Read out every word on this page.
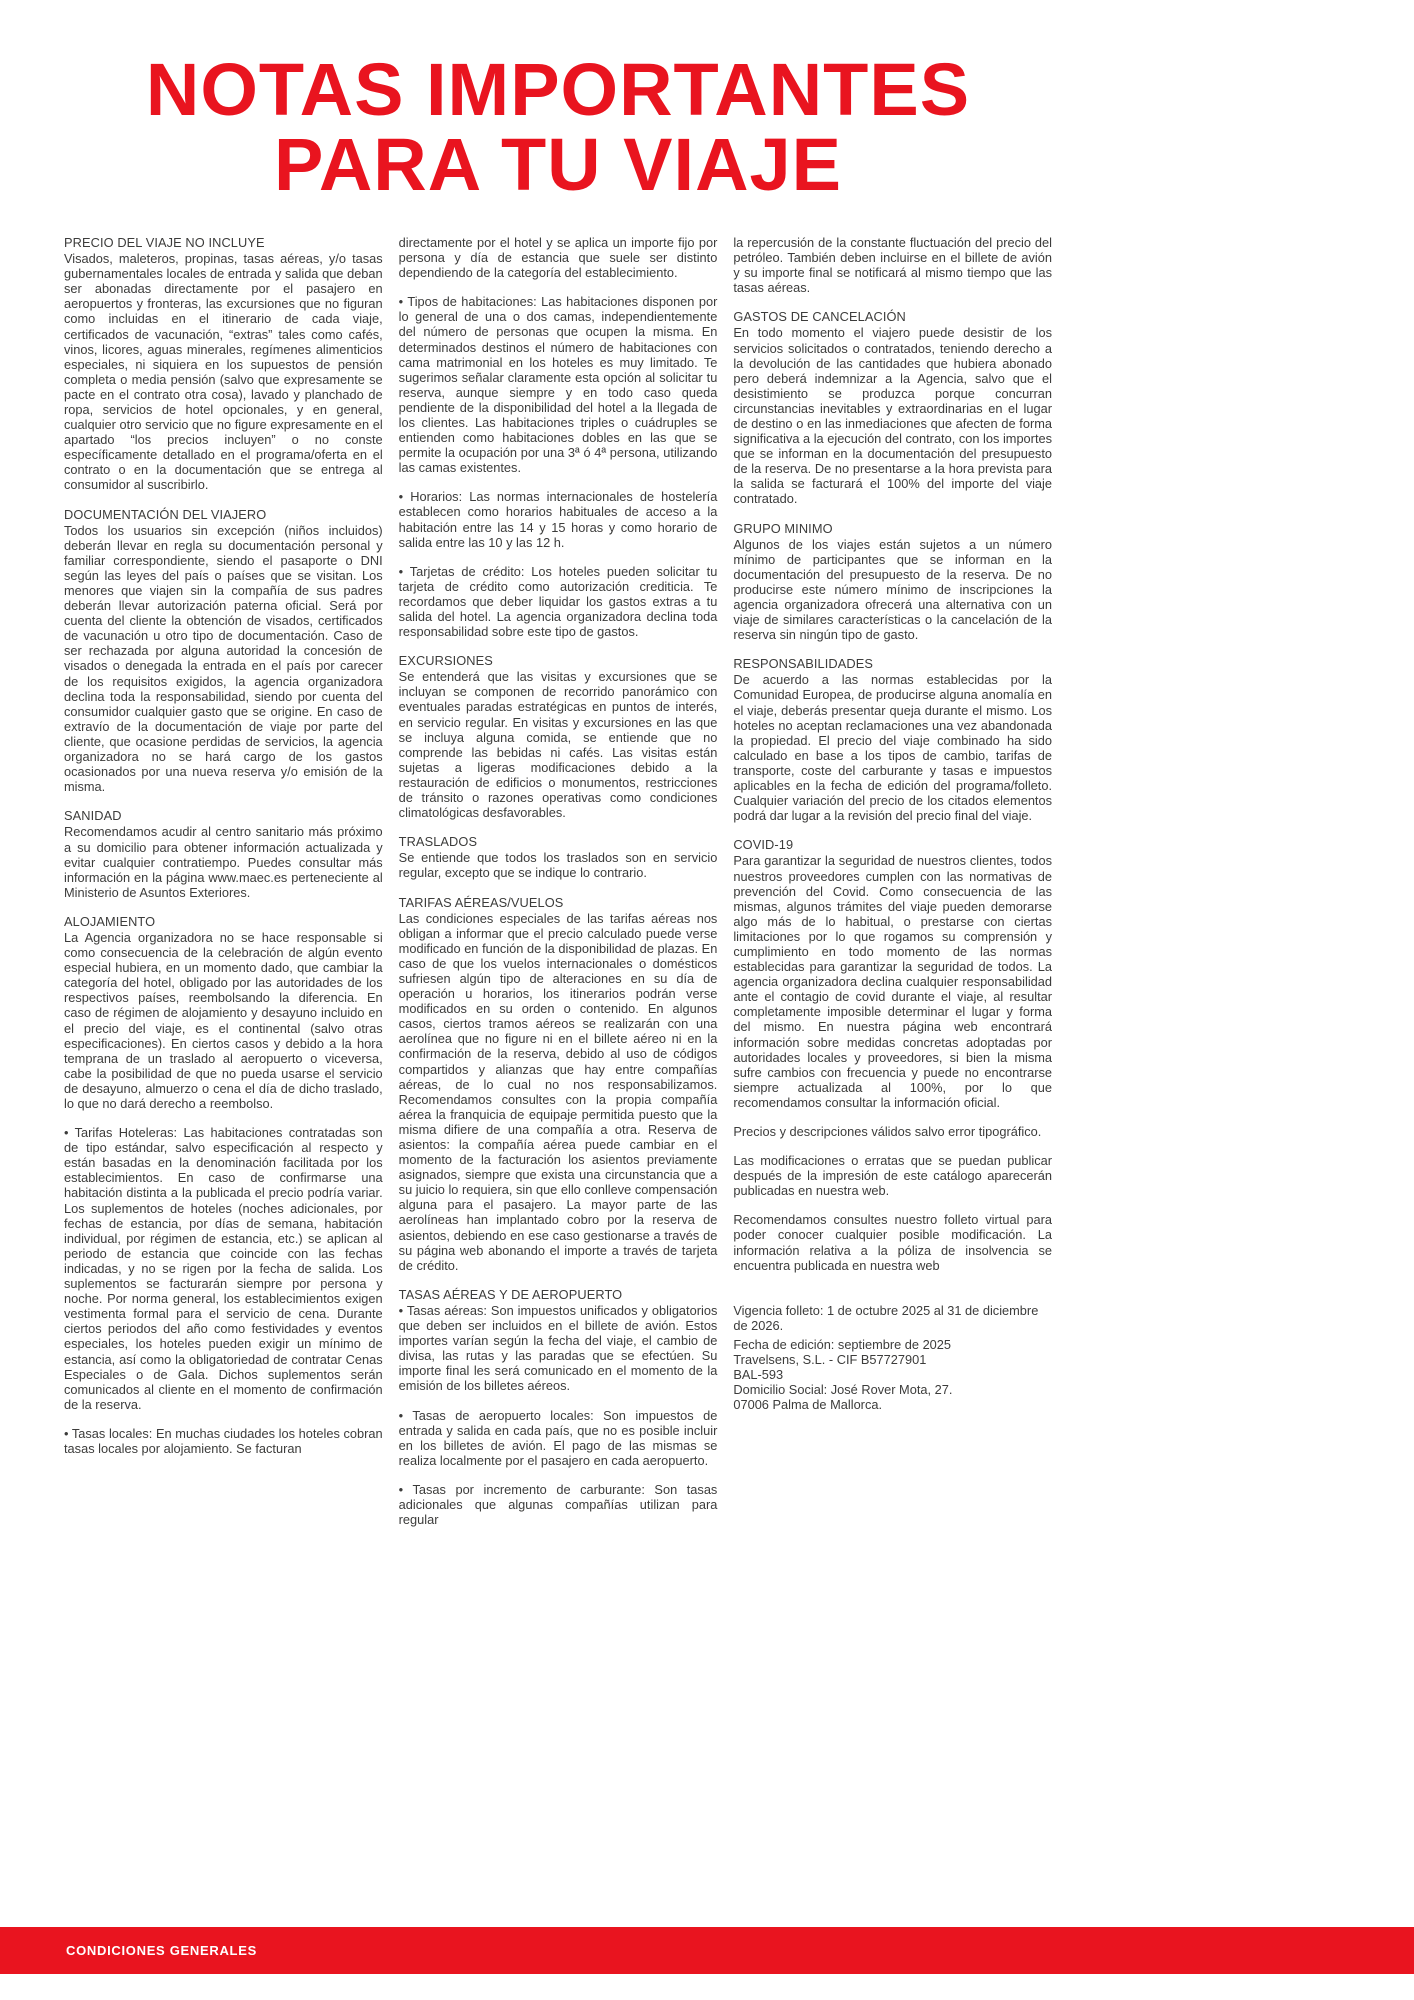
NOTAS IMPORTANTES
PARA TU VIAJE
PRECIO DEL VIAJE NO INCLUYE

Visados, maleteros, propinas, tasas aéreas, y/o tasas gubernamentales locales de entrada y salida que deban ser abonadas directamente por el pasajero en aeropuertos y fronteras, las excursiones que no figuran como incluidas en el itinerario de cada viaje, certificados de vacunación, “extras” tales como cafés, vinos, licores, aguas minerales, regímenes alimenticios especiales, ni siquiera en los supuestos de pensión completa o media pensión (salvo que expresamente se pacte en el contrato otra cosa), lavado y planchado de ropa, servicios de hotel opcionales, y en general, cualquier otro servicio que no figure expresamente en el apartado “los precios incluyen” o no conste específicamente detallado en el programa/oferta en el contrato o en la documentación que se entrega al consumidor al suscribirlo.

DOCUMENTACIÓN DEL VIAJERO

Todos los usuarios sin excepción (niños incluidos) deberán llevar en regla su documentación personal y familiar correspondiente, siendo el pasaporte o DNI según las leyes del país o países que se visitan. Los menores que viajen sin la compañía de sus padres deberán llevar autorización paterna oficial. Será por cuenta del cliente la obtención de visados, certificados de vacunación u otro tipo de documentación. Caso de ser rechazada por alguna autoridad la concesión de visados o denegada la entrada en el país por carecer de los requisitos exigidos, la agencia organizadora declina toda la responsabilidad, siendo por cuenta del consumidor cualquier gasto que se origine. En caso de extravío de la documentación de viaje por parte del cliente, que ocasione perdidas de servicios, la agencia organizadora no se hará cargo de los gastos ocasionados por una nueva reserva y/o emisión de la misma.

SANIDAD

Recomendamos acudir al centro sanitario más próximo a su domicilio para obtener información actualizada y evitar cualquier contratiempo. Puedes consultar más información en la página www.maec.es perteneciente al Ministerio de Asuntos Exteriores.

ALOJAMIENTO

La Agencia organizadora no se hace responsable si como consecuencia de la celebración de algún evento especial hubiera, en un momento dado, que cambiar la categoría del hotel, obligado por las autoridades de los respectivos países, reembolsando la diferencia. En caso de régimen de alojamiento y desayuno incluido en el precio del viaje, es el continental (salvo otras especificaciones). En ciertos casos y debido a la hora temprana de un traslado al aeropuerto o viceversa, cabe la posibilidad de que no pueda usarse el servicio de desayuno, almuerzo o cena el día de dicho traslado, lo que no dará derecho a reembolso.

• Tarifas Hoteleras: Las habitaciones contratadas son de tipo estándar, salvo especificación al respecto y están basadas en la denominación facilitada por los establecimientos. En caso de confirmarse una habitación distinta a la publicada el precio podría variar. Los suplementos de hoteles (noches adicionales, por fechas de estancia, por días de semana, habitación individual, por régimen de estancia, etc.) se aplican al periodo de estancia que coincide con las fechas indicadas, y no se rigen por la fecha de salida. Los suplementos se facturarán siempre por persona y noche. Por norma general, los establecimientos exigen vestimenta formal para el servicio de cena. Durante ciertos periodos del año como festividades y eventos especiales, los hoteles pueden exigir un mínimo de estancia, así como la obligatoriedad de contratar Cenas Especiales o de Gala. Dichos suplementos serán comunicados al cliente en el momento de confirmación de la reserva.

• Tasas locales: En muchas ciudades los hoteles cobran tasas locales por alojamiento. Se facturan

directamente por el hotel y se aplica un importe fijo por persona y día de estancia que suele ser distinto dependiendo de la categoría del establecimiento.

• Tipos de habitaciones: Las habitaciones disponen por lo general de una o dos camas, independientemente del número de personas que ocupen la misma. En determinados destinos el número de habitaciones con cama matrimonial en los hoteles es muy limitado. Te sugerimos señalar claramente esta opción al solicitar tu reserva, aunque siempre y en todo caso queda pendiente de la disponibilidad del hotel a la llegada de los clientes. Las habitaciones triples o cuádruples se entienden como habitaciones dobles en las que se permite la ocupación por una 3ª ó 4ª persona, utilizando las camas existentes.

• Horarios: Las normas internacionales de hostelería establecen como horarios habituales de acceso a la habitación entre las 14 y 15 horas y como horario de salida entre las 10 y las 12 h.

• Tarjetas de crédito: Los hoteles pueden solicitar tu tarjeta de crédito como autorización crediticia. Te recordamos que deber liquidar los gastos extras a tu salida del hotel. La agencia organizadora declina toda responsabilidad sobre este tipo de gastos.

EXCURSIONES

Se entenderá que las visitas y excursiones que se incluyan se componen de recorrido panorámico con eventuales paradas estratégicas en puntos de interés, en servicio regular. En visitas y excursiones en las que se incluya alguna comida, se entiende que no comprende las bebidas ni cafés. Las visitas están sujetas a ligeras modificaciones debido a la restauración de edificios o monumentos, restricciones de tránsito o razones operativas como condiciones climatológicas desfavorables.

TRASLADOS

Se entiende que todos los traslados son en servicio regular, excepto que se indique lo contrario.

TARIFAS AÉREAS/VUELOS

Las condiciones especiales de las tarifas aéreas nos obligan a informar que el precio calculado puede verse modificado en función de la disponibilidad de plazas. En caso de que los vuelos internacionales o domésticos sufriesen algún tipo de alteraciones en su día de operación u horarios, los itinerarios podrán verse modificados en su orden o contenido. En algunos casos, ciertos tramos aéreos se realizarán con una aerolínea que no figure ni en el billete aéreo ni en la confirmación de la reserva, debido al uso de códigos compartidos y alianzas que hay entre compañías aéreas, de lo cual no nos responsabilizamos. Recomendamos consultes con la propia compañía aérea la franquicia de equipaje permitida puesto que la misma difiere de una compañía a otra. Reserva de asientos: la compañía aérea puede cambiar en el momento de la facturación los asientos previamente asignados, siempre que exista una circunstancia que a su juicio lo requiera, sin que ello conlleve compensación alguna para el pasajero. La mayor parte de las aerolíneas han implantado cobro por la reserva de asientos, debiendo en ese caso gestionarse a través de su página web abonando el importe a través de tarjeta de crédito.

TASAS AÉREAS Y DE AEROPUERTO

• Tasas aéreas: Son impuestos unificados y obligatorios que deben ser incluidos en el billete de avión. Estos importes varían según la fecha del viaje, el cambio de divisa, las rutas y las paradas que se efectúen. Su importe final les será comunicado en el momento de la emisión de los billetes aéreos.

• Tasas de aeropuerto locales: Son impuestos de entrada y salida en cada país, que no es posible incluir en los billetes de avión. El pago de las mismas se realiza localmente por el pasajero en cada aeropuerto.

• Tasas por incremento de carburante: Son tasas adicionales que algunas compañías utilizan para regular

la repercusión de la constante fluctuación del precio del petróleo. También deben incluirse en el billete de avión y su importe final se notificará al mismo tiempo que las tasas aéreas.

GASTOS DE CANCELACIÓN

En todo momento el viajero puede desistir de los servicios solicitados o contratados, teniendo derecho a la devolución de las cantidades que hubiera abonado pero deberá indemnizar a la Agencia, salvo que el desistimiento se produzca porque concurran circunstancias inevitables y extraordinarias en el lugar de destino o en las inmediaciones que afecten de forma significativa a la ejecución del contrato, con los importes que se informan en la documentación del presupuesto de la reserva. De no presentarse a la hora prevista para la salida se facturará el 100% del importe del viaje contratado.

GRUPO MINIMO

Algunos de los viajes están sujetos a un número mínimo de participantes que se informan en la documentación del presupuesto de la reserva. De no producirse este número mínimo de inscripciones la agencia organizadora ofrecerá una alternativa con un viaje de similares características o la cancelación de la reserva sin ningún tipo de gasto.

RESPONSABILIDADES

De acuerdo a las normas establecidas por la Comunidad Europea, de producirse alguna anomalía en el viaje, deberás presentar queja durante el mismo. Los hoteles no aceptan reclamaciones una vez abandonada la propiedad. El precio del viaje combinado ha sido calculado en base a los tipos de cambio, tarifas de transporte, coste del carburante y tasas e impuestos aplicables en la fecha de edición del programa/folleto. Cualquier variación del precio de los citados elementos podrá dar lugar a la revisión del precio final del viaje.

COVID-19

Para garantizar la seguridad de nuestros clientes, todos nuestros proveedores cumplen con las normativas de prevención del Covid. Como consecuencia de las mismas, algunos trámites del viaje pueden demorarse algo más de lo habitual, o prestarse con ciertas limitaciones por lo que rogamos su comprensión y cumplimiento en todo momento de las normas establecidas para garantizar la seguridad de todos. La agencia organizadora declina cualquier responsabilidad ante el contagio de covid durante el viaje, al resultar completamente imposible determinar el lugar y forma del mismo. En nuestra página web encontrará información sobre medidas concretas adoptadas por autoridades locales y proveedores, si bien la misma sufre cambios con frecuencia y puede no encontrarse siempre actualizada al 100%, por lo que recomendamos consultar la información oficial.

Precios y descripciones válidos salvo error tipográfico.

Las modificaciones o erratas que se puedan publicar después de la impresión de este catálogo aparecerán publicadas en nuestra web.

Recomendamos consultes nuestro folleto virtual para poder conocer cualquier posible modificación. La información relativa a la póliza de insolvencia se encuentra publicada en nuestra web

Vigencia folleto: 1 de octubre 2025 al 31 de diciembre de 2026.

Fecha de edición: septiembre de 2025

Travelsens, S.L. - CIF B57727901

BAL-593

Domicilio Social: José Rover Mota, 27.

07006 Palma de Mallorca.

CONDICIONES GENERALES
